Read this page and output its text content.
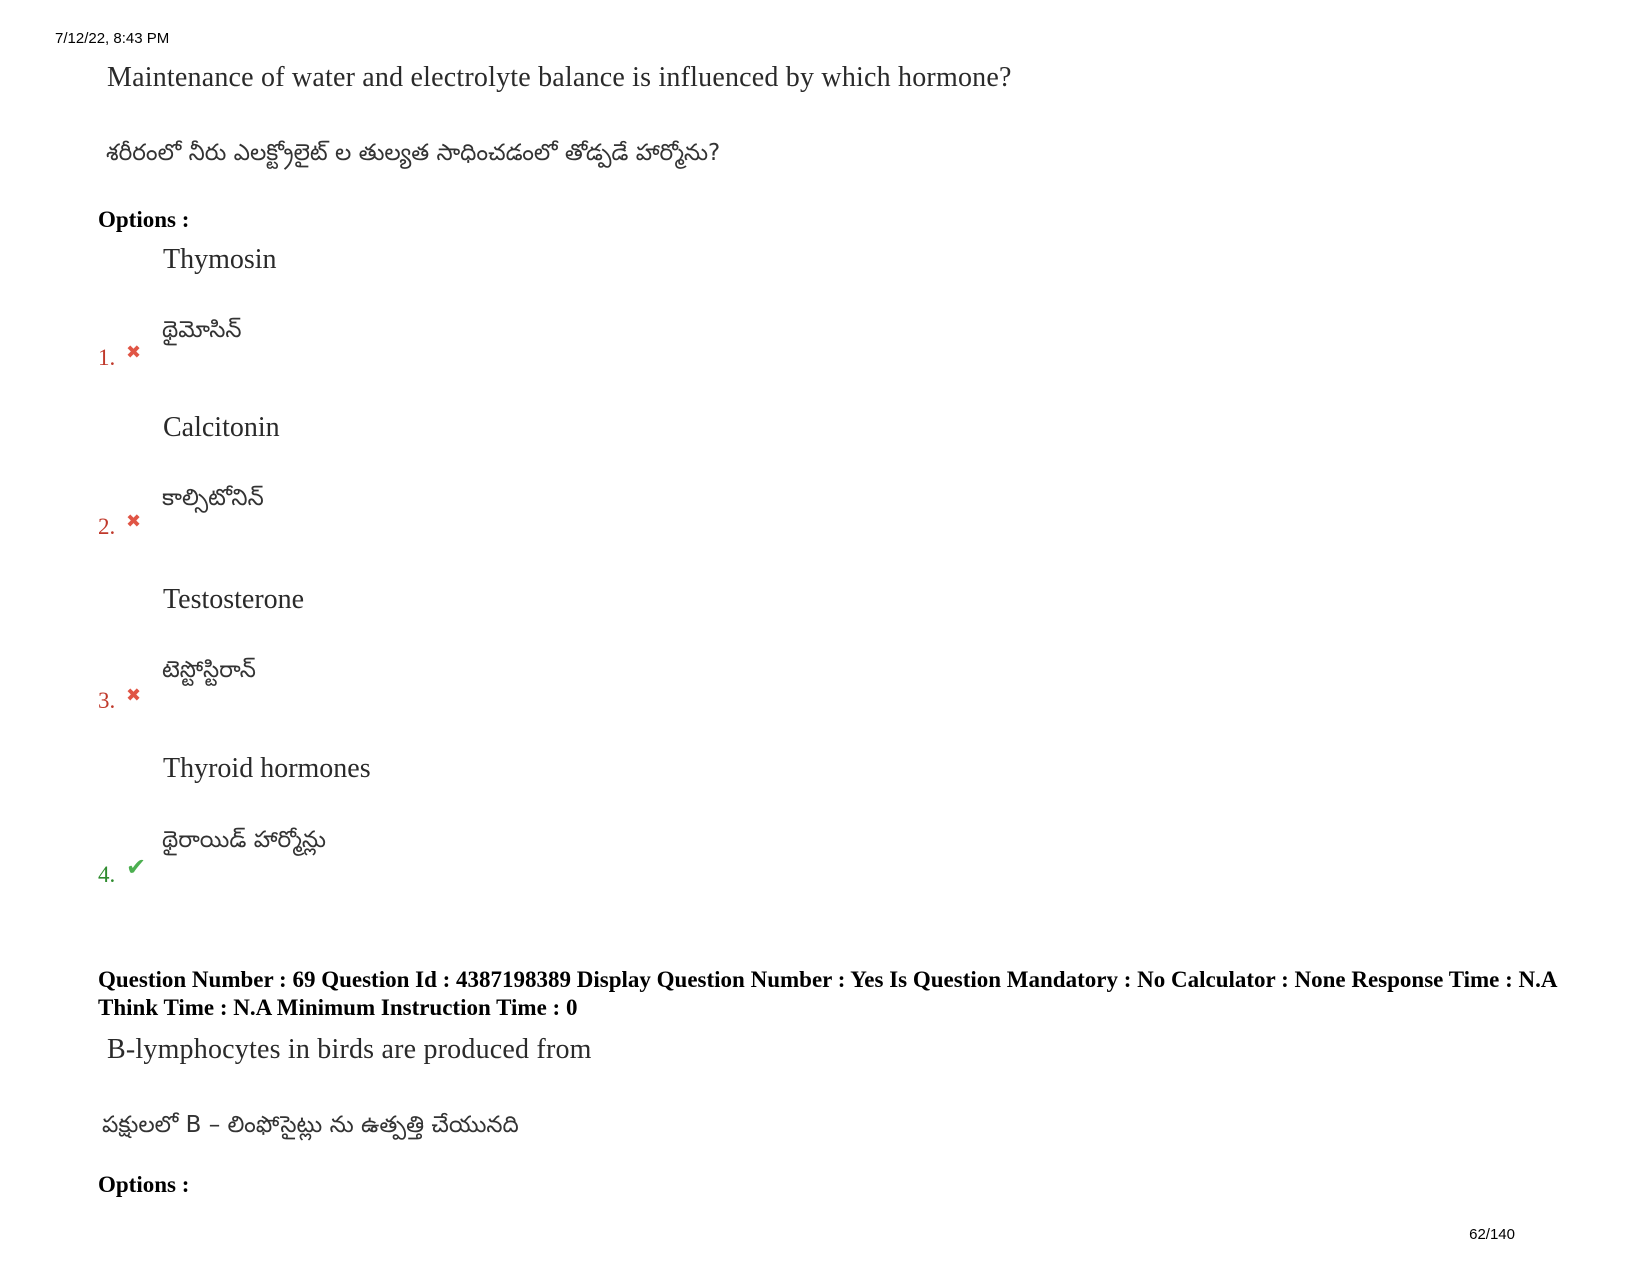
7/12/22, 8:43 PM
Maintenance of water and electrolyte balance is influenced by which hormone?
శరీరంలో నీరు ఎలక్ట్రోలైట్ ల తుల్యత సాధించడంలో తోడ్పడే హార్మోను?
Options :
Thymosin
థైమోసిన్
1. ✖
Calcitonin
కాల్సిటోనిన్
2. ✖
Testosterone
టెస్టోస్టిరాన్
3. ✖
Thyroid hormones
థైరాయిడ్ హార్మోన్లు
4. ✔
Question Number : 69 Question Id : 4387198389 Display Question Number : Yes Is Question Mandatory : No Calculator : None Response Time : N.A Think Time : N.A Minimum Instruction Time : 0
B-lymphocytes in birds are produced from
పక్షులలో B – లింఫోసైట్లు ను ఉత్పత్తి చేయునది
Options :
62/140
